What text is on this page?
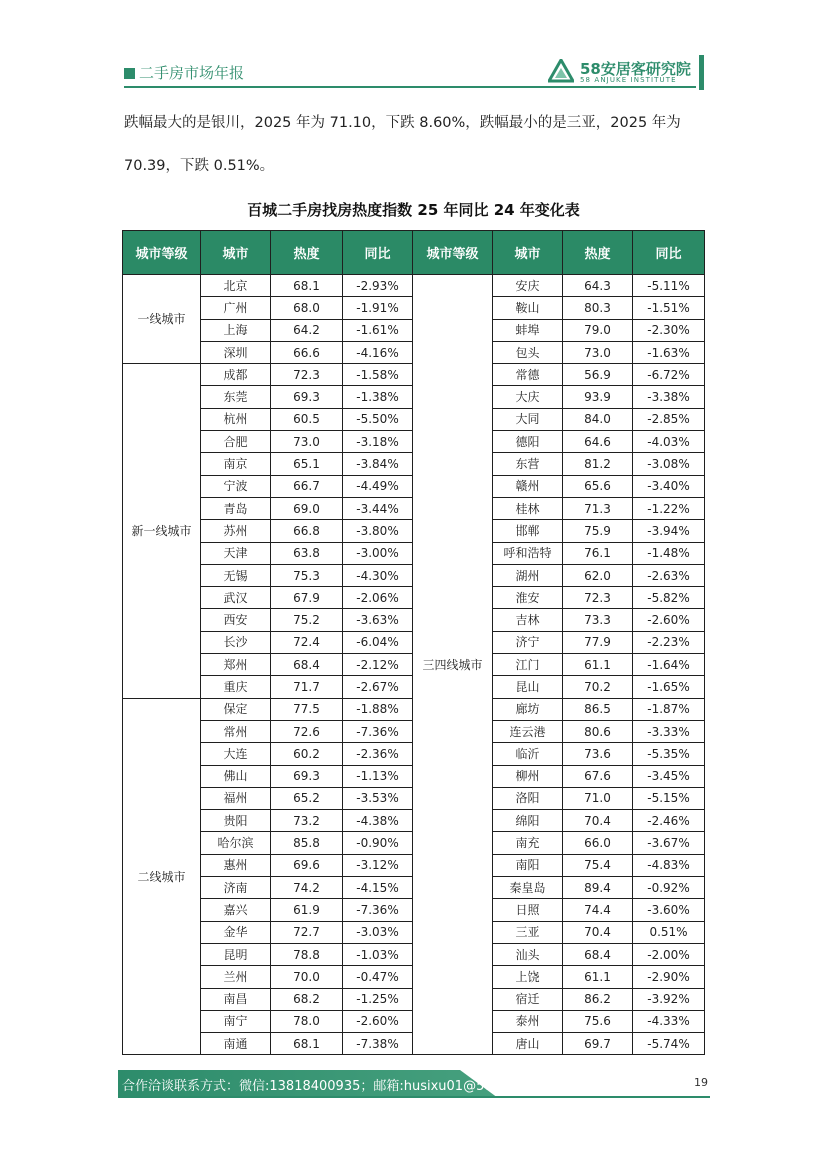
二手房市场年报	58安居客研究院
58 ANJUKE INSTITUTE
跌幅最大的是银川，2025 年为 71.10，下跌 8.60%，跌幅最小的是三亚，2025 年为
70.39，下跌 0.51%。
百城二手房找房热度指数 25 年同比 24 年变化表
城市等级	城市	热度	同比	城市等级	城市	热度	同比
一线城市	北京	68.1	-2.93%	三四线城市	安庆	64.3	-5.11%
	广州	68.0	-1.91%		鞍山	80.3	-1.51%
	上海	64.2	-1.61%		蚌埠	79.0	-2.30%
	深圳	66.6	-4.16%		包头	73.0	-1.63%
新一线城市	成都	72.3	-1.58%		常德	56.9	-6.72%
	东莞	69.3	-1.38%		大庆	93.9	-3.38%
	杭州	60.5	-5.50%		大同	84.0	-2.85%
	合肥	73.0	-3.18%		德阳	64.6	-4.03%
	南京	65.1	-3.84%		东营	81.2	-3.08%
	宁波	66.7	-4.49%		赣州	65.6	-3.40%
	青岛	69.0	-3.44%		桂林	71.3	-1.22%
	苏州	66.8	-3.80%		邯郸	75.9	-3.94%
	天津	63.8	-3.00%		呼和浩特	76.1	-1.48%
	无锡	75.3	-4.30%		湖州	62.0	-2.63%
	武汉	67.9	-2.06%		淮安	72.3	-5.82%
	西安	75.2	-3.63%		吉林	73.3	-2.60%
	长沙	72.4	-6.04%		济宁	77.9	-2.23%
	郑州	68.4	-2.12%		江门	61.1	-1.64%
	重庆	71.7	-2.67%		昆山	70.2	-1.65%
二线城市	保定	77.5	-1.88%		廊坊	86.5	-1.87%
	常州	72.6	-7.36%		连云港	80.6	-3.33%
	大连	60.2	-2.36%		临沂	73.6	-5.35%
	佛山	69.3	-1.13%		柳州	67.6	-3.45%
	福州	65.2	-3.53%		洛阳	71.0	-5.15%
	贵阳	73.2	-4.38%		绵阳	70.4	-2.46%
	哈尔滨	85.8	-0.90%		南充	66.0	-3.67%
	惠州	69.6	-3.12%		南阳	75.4	-4.83%
	济南	74.2	-4.15%		秦皇岛	89.4	-0.92%
	嘉兴	61.9	-7.36%		日照	74.4	-3.60%
	金华	72.7	-3.03%		三亚	70.4	0.51%
	昆明	78.8	-1.03%		汕头	68.4	-2.00%
	兰州	70.0	-0.47%		上饶	61.1	-2.90%
	南昌	68.2	-1.25%		宿迁	86.2	-3.92%
	南宁	78.0	-2.60%		泰州	75.6	-4.33%
	南通	68.1	-7.38%		唐山	69.7	-5.74%
合作洽谈联系方式：微信:13818400935；邮箱:husixu01@58.com；	19
